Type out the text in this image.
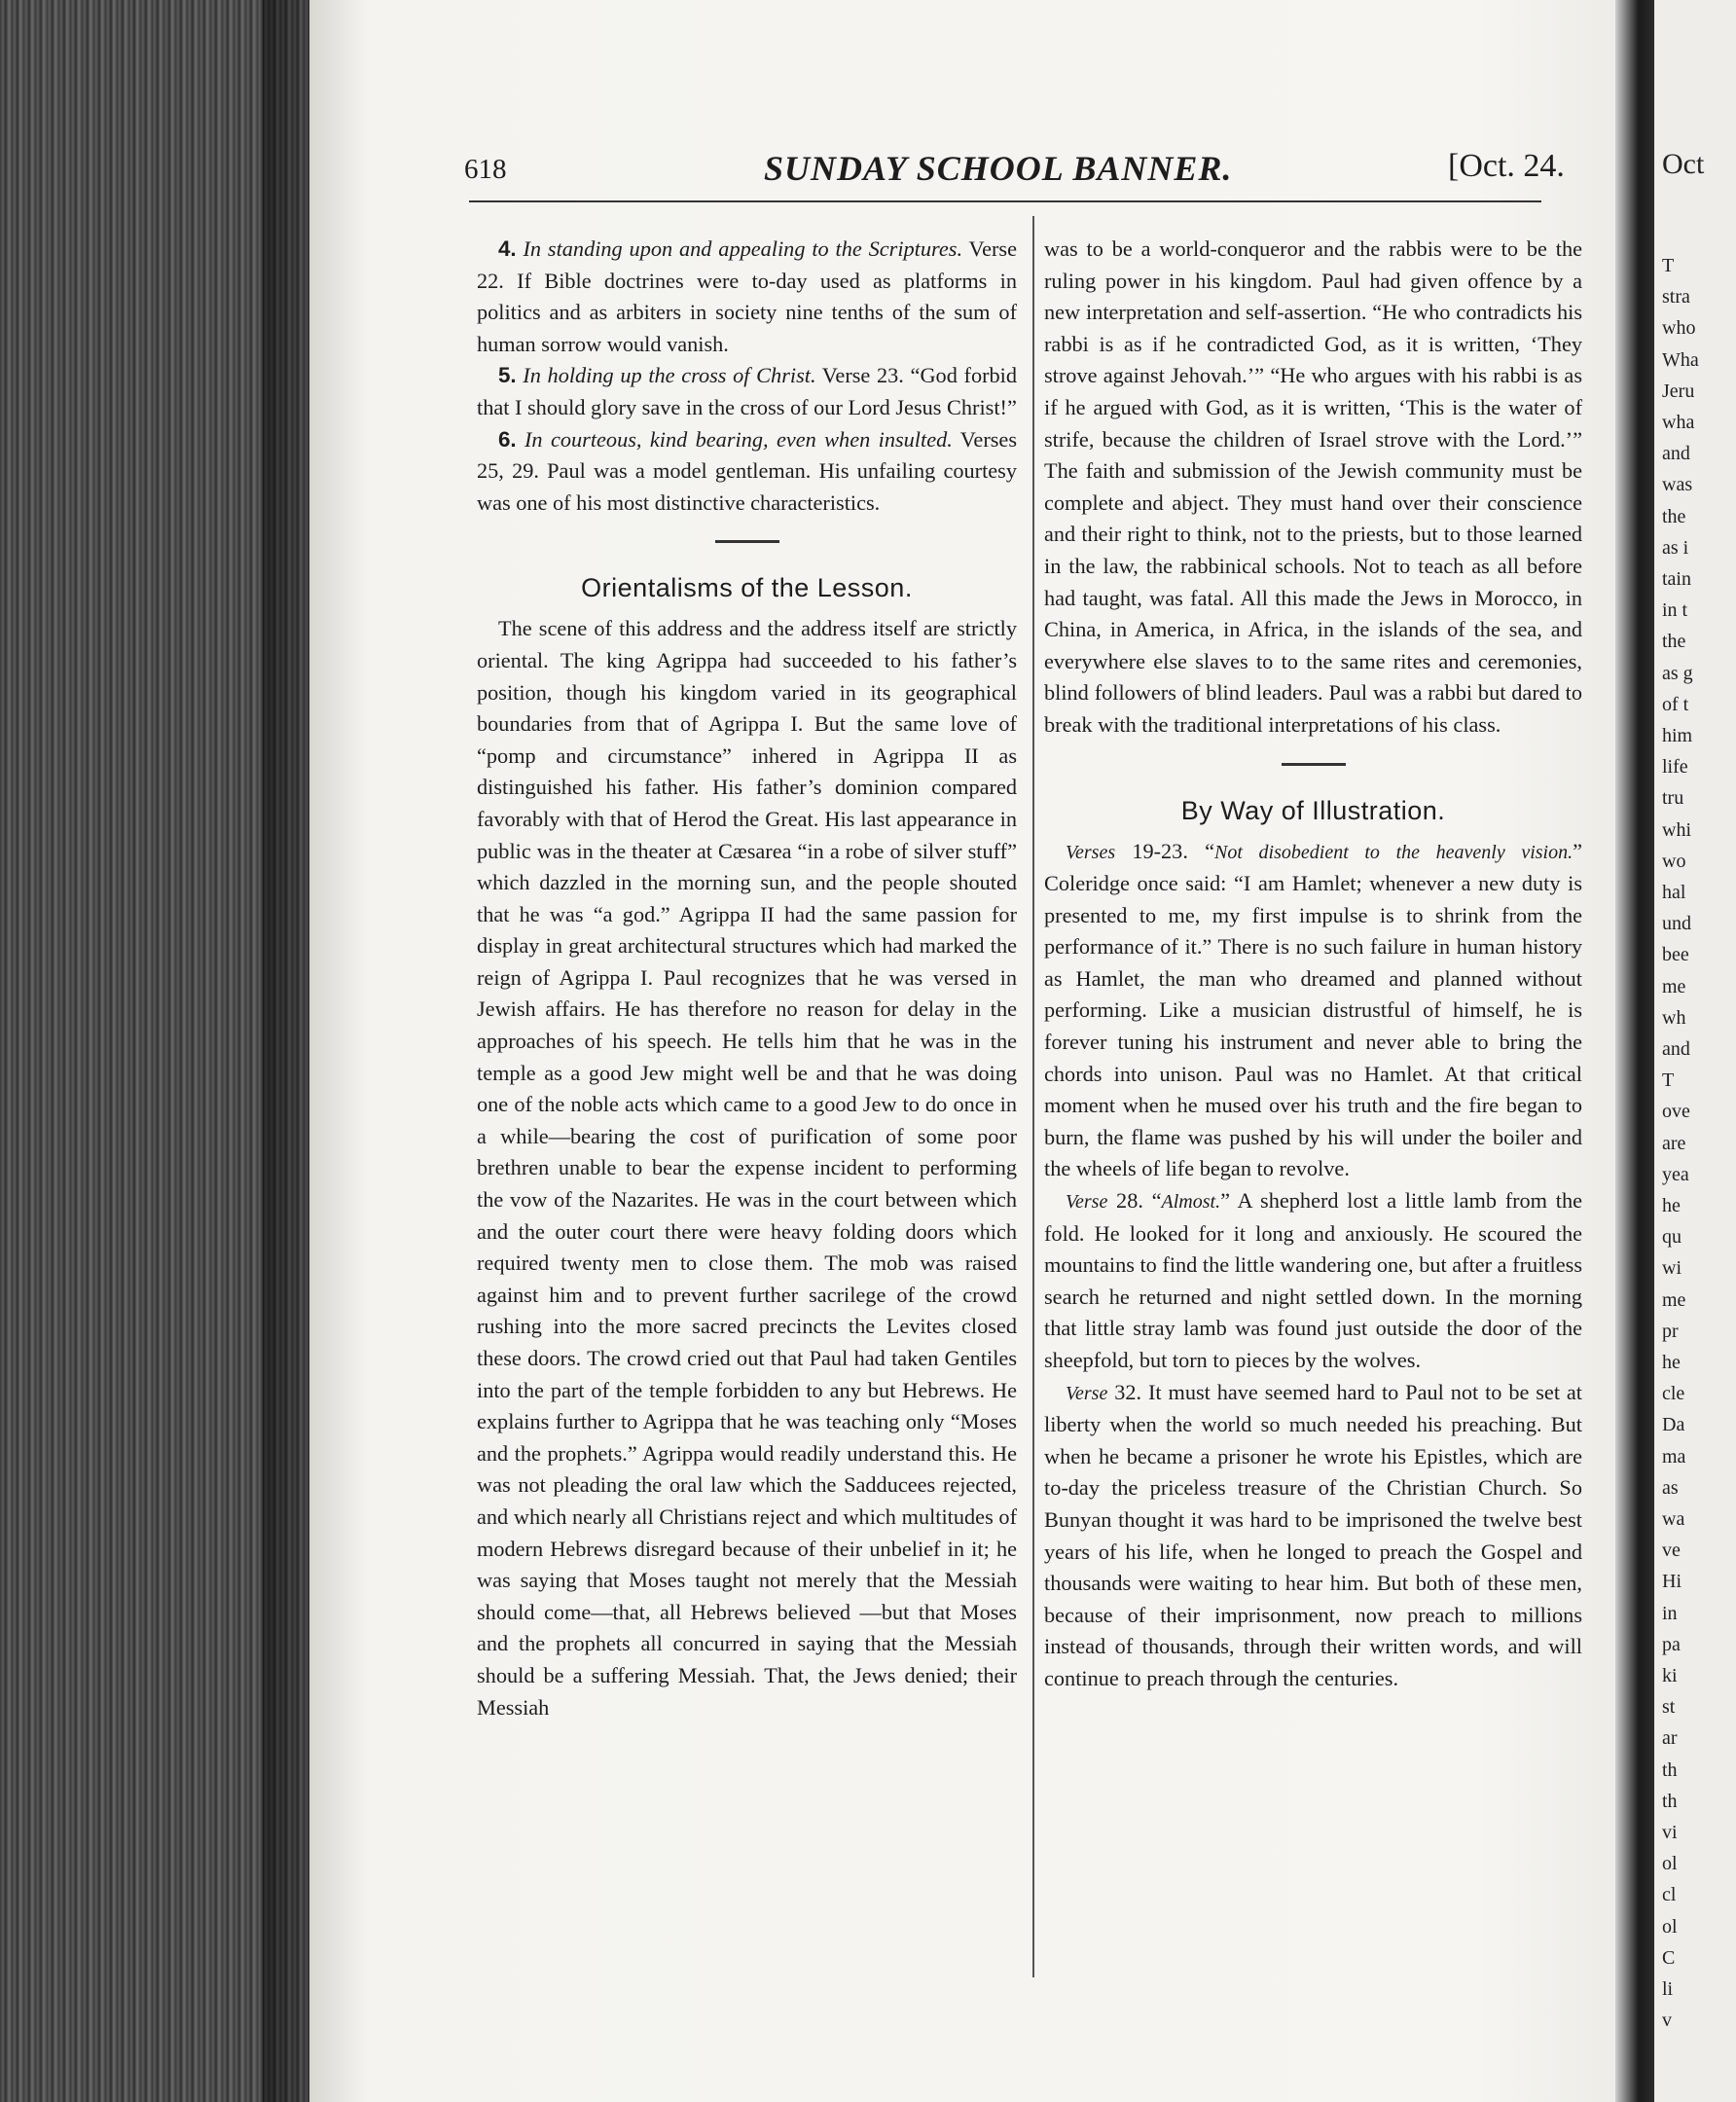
618	SUNDAY SCHOOL BANNER.	[Oct. 24.

4. In standing upon and appealing to the Scriptures. Verse 22. If Bible doctrines were to-day used as platforms in politics and as arbiters in society nine tenths of the sum of human sorrow would vanish.

5. In holding up the cross of Christ. Verse 23. “God forbid that I should glory save in the cross of our Lord Jesus Christ!”

6. In courteous, kind bearing, even when insulted. Verses 25, 29. Paul was a model gentleman. His unfailing courtesy was one of his most distinctive characteristics.

Orientalisms of the Lesson.

The scene of this address and the address itself are strictly oriental. The king Agrippa had succeeded to his father’s position, though his kingdom varied in its geographical boundaries from that of Agrippa I. But the same love of “pomp and circumstance” inhered in Agrippa II as distinguished his father. His father’s dominion compared favorably with that of Herod the Great. His last appearance in public was in the theater at Cæsarea “in a robe of silver stuff” which dazzled in the morning sun, and the people shouted that he was “a god.” Agrippa II had the same passion for display in great architectural structures which had marked the reign of Agrippa I. Paul recognizes that he was versed in Jewish affairs. He has therefore no reason for delay in the approaches of his speech. He tells him that he was in the temple as a good Jew might well be and that he was doing one of the noble acts which came to a good Jew to do once in a while—bearing the cost of purification of some poor brethren unable to bear the expense incident to performing the vow of the Nazarites. He was in the court between which and the outer court there were heavy folding doors which required twenty men to close them. The mob was raised against him and to prevent further sacrilege of the crowd rushing into the more sacred precincts the Levites closed these doors. The crowd cried out that Paul had taken Gentiles into the part of the temple forbidden to any but Hebrews. He explains further to Agrippa that he was teaching only “Moses and the prophets.” Agrippa would readily understand this. He was not pleading the oral law which the Sadducees rejected, and which nearly all Christians reject and which multitudes of modern Hebrews disregard because of their unbelief in it; he was saying that Moses taught not merely that the Messiah should come—that, all Hebrews believed —but that Moses and the prophets all concurred in saying that the Messiah should be a suffering Messiah. That, the Jews denied; their Messiah

was to be a world-conqueror and the rabbis were to be the ruling power in his kingdom. Paul had given offence by a new interpretation and self-assertion. “He who contradicts his rabbi is as if he contradicted God, as it is written, ‘They strove against Jehovah.’” “He who argues with his rabbi is as if he argued with God, as it is written, ‘This is the water of strife, because the children of Israel strove with the Lord.’” The faith and submission of the Jewish community must be complete and abject. They must hand over their conscience and their right to think, not to the priests, but to those learned in the law, the rabbinical schools. Not to teach as all before had taught, was fatal. All this made the Jews in Morocco, in China, in America, in Africa, in the islands of the sea, and everywhere else slaves to to the same rites and ceremonies, blind followers of blind leaders. Paul was a rabbi but dared to break with the traditional interpretations of his class.

By Way of Illustration.

Verses 19-23. “Not disobedient to the heavenly vision.” Coleridge once said: “I am Hamlet; whenever a new duty is presented to me, my first impulse is to shrink from the performance of it.” There is no such failure in human history as Hamlet, the man who dreamed and planned without performing. Like a musician distrustful of himself, he is forever tuning his instrument and never able to bring the chords into unison. Paul was no Hamlet. At that critical moment when he mused over his truth and the fire began to burn, the flame was pushed by his will under the boiler and the wheels of life began to revolve.

Verse 28. “Almost.” A shepherd lost a little lamb from the fold. He looked for it long and anxiously. He scoured the mountains to find the little wandering one, but after a fruitless search he returned and night settled down. In the morning that little stray lamb was found just outside the door of the sheepfold, but torn to pieces by the wolves.

Verse 32. It must have seemed hard to Paul not to be set at liberty when the world so much needed his preaching. But when he became a prisoner he wrote his Epistles, which are to-day the priceless treasure of the Christian Church. So Bunyan thought it was hard to be imprisoned the twelve best years of his life, when he longed to preach the Gospel and thousands were waiting to hear him. But both of these men, because of their imprisonment, now preach to millions instead of thousands, through their written words, and will continue to preach through the centuries.

Oct
T
stra
who
Wha
Jeru
wha
and
was
the
as i
tain
in t
the
as g
of t
him
life
tru
whi
wo
hal
und
bee
me
wh
and
T
ove
are
yea
he
qu
wi
me
pr
he
cle
Da
ma
as
wa
ve
Hi
in
pa
ki
st
ar
th
th
vi
ol
cl
ol
C
li
v
